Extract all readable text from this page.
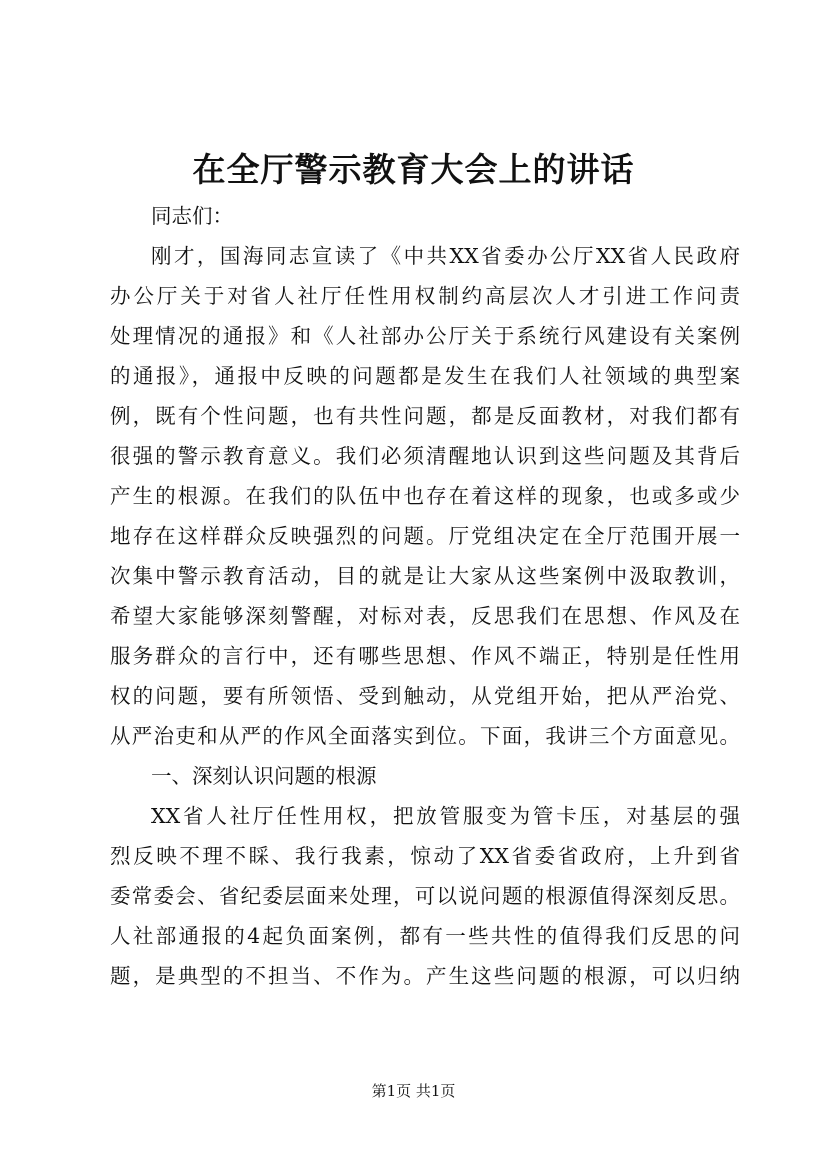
在全厅警示教育大会上的讲话
同志们：
刚才，国海同志宣读了《中共XX省委办公厅XX省人民政府
办公厅关于对省人社厅任性用权制约高层次人才引进工作问责
处理情况的通报》和《人社部办公厅关于系统行风建设有关案例
的通报》，通报中反映的问题都是发生在我们人社领域的典型案
例，既有个性问题，也有共性问题，都是反面教材，对我们都有
很强的警示教育意义。我们必须清醒地认识到这些问题及其背后
产生的根源。在我们的队伍中也存在着这样的现象，也或多或少
地存在这样群众反映强烈的问题。厅党组决定在全厅范围开展一
次集中警示教育活动，目的就是让大家从这些案例中汲取教训，
希望大家能够深刻警醒，对标对表，反思我们在思想、作风及在
服务群众的言行中，还有哪些思想、作风不端正，特别是任性用
权的问题，要有所领悟、受到触动，从党组开始，把从严治党、
从严治吏和从严的作风全面落实到位。下面，我讲三个方面意见。
一、深刻认识问题的根源
XX省人社厅任性用权，把放管服变为管卡压，对基层的强
烈反映不理不睬、我行我素，惊动了XX省委省政府，上升到省
委常委会、省纪委层面来处理，可以说问题的根源值得深刻反思。
人社部通报的4起负面案例，都有一些共性的值得我们反思的问
题，是典型的不担当、不作为。产生这些问题的根源，可以归纳
第1页 共1页
